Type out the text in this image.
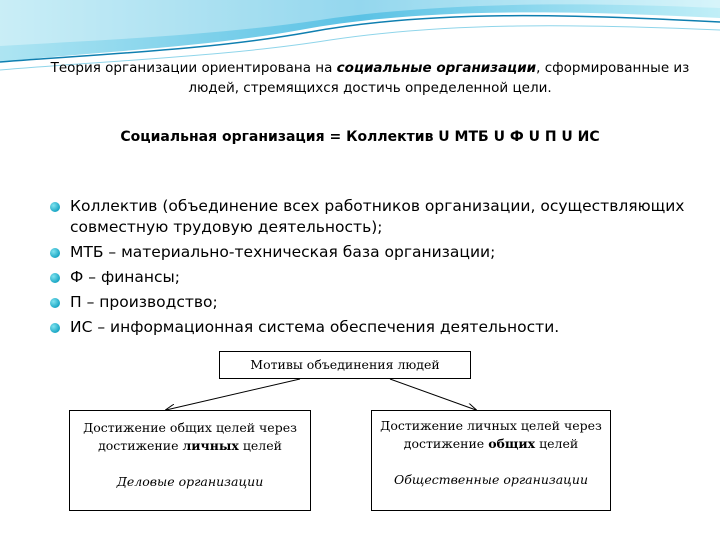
Теория организации ориентирована на социальные организации, сформированные из людей, стремящихся достичь определенной цели.
Социальная организация = Коллектив U МТБ U Ф U П U ИС
Коллектив (объединение всех работников организации, осуществляющих совместную трудовую деятельность);
МТБ – материально-техническая база организации;
Ф – финансы;
П – производство;
ИС – информационная система обеспечения деятельности.
Мотивы объединения людей
Достижение общих целей через достижение личных целей
Деловые организации
Достижение личных целей через достижение общих целей
Общественные организации
